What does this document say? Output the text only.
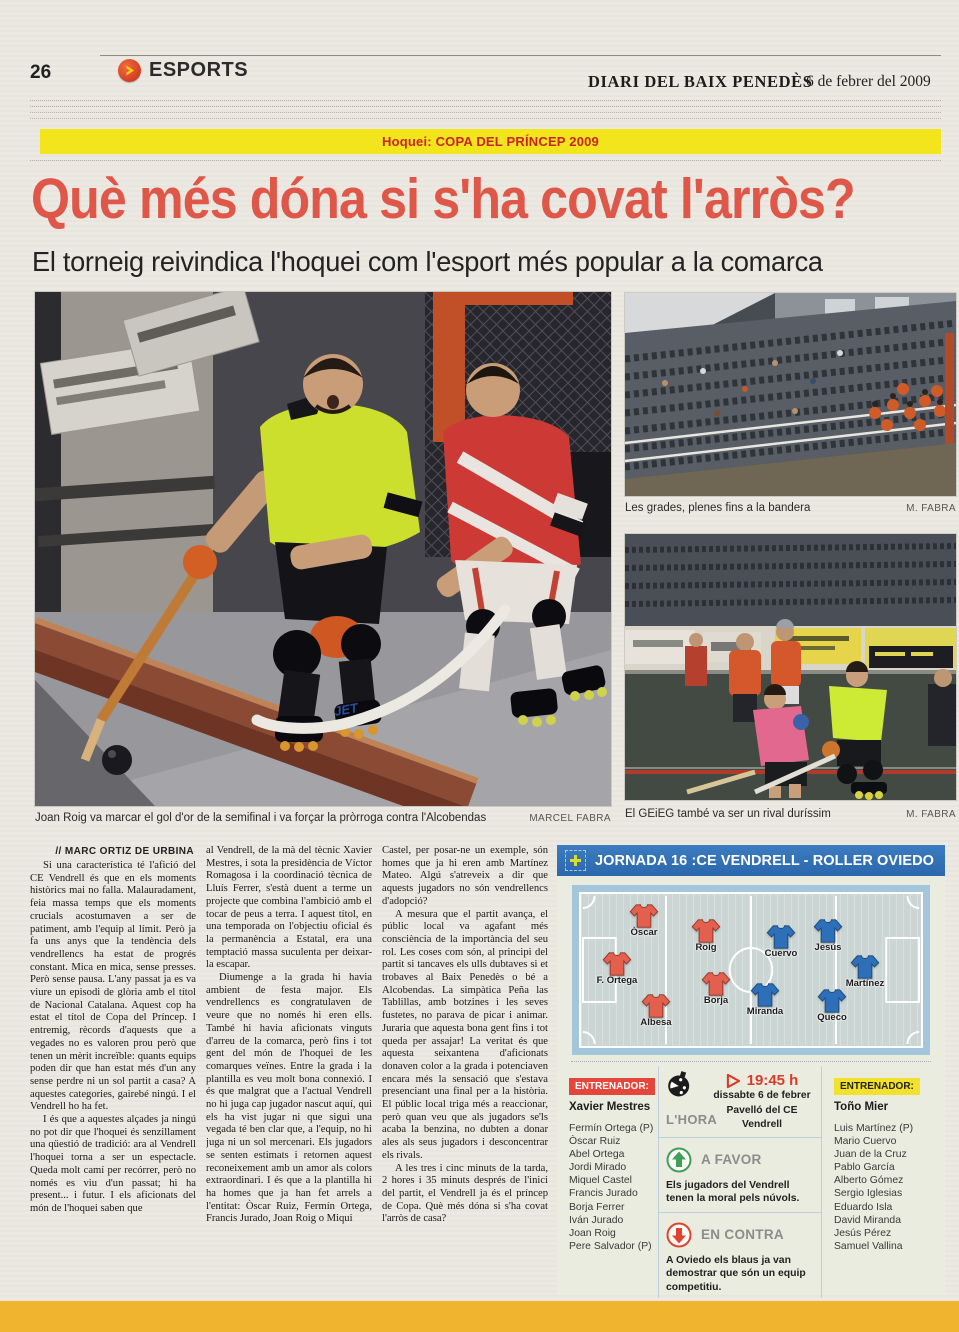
26	ESPORTS
DIARI DEL BAIX PENEDÈS
6 de febrer del 2009
Hoquei: COPA DEL PRÍNCEP 2009
Què més dóna si s'ha covat l'arròs?
El torneig reivindica l'hoquei com l'esport més popular a la comarca
JET
Joan Roig va marcar el gol d'or de la semifinal i va forçar la pròrroga contra l'Alcobendas	MARCEL FABRA
Les grades, plenes fins a la bandera	M. FABRA
El GEiEG també va ser un rival duríssim	M. FABRA
// MARC ORTIZ DE URBINA

Si una característica té l'afició del CE Vendrell és que en els moments històrics mai no falla. Malauradament, feia massa temps que els moments crucials acostumaven a ser de patiment, amb l'equip al límit. Però ja fa uns anys que la tendència dels vendrellencs ha estat de progrés constant. Mica en mica, sense presses. Però sense pausa. L'any passat ja es va viure un episodi de glòria amb el títol de Nacional Catalana. Aquest cop ha estat el títol de Copa del Príncep. I entremig, rècords d'aquests que a vegades no es valoren prou però que tenen un mèrit increïble: quants equips poden dir que han estat més d'un any sense perdre ni un sol partit a casa? A aquestes categories, gairebé ningú. I el Vendrell ho ha fet.

I és que a aquestes alçades ja ningú no pot dir que l'hoquei és senzillament una qüestió de tradició: ara al Vendrell l'hoquei torna a ser un espectacle. Queda molt camí per recórrer, però no només es viu d'un passat; hi ha present... i futur. I els aficionats del món de l'hoquei saben que

al Vendrell, de la mà del tècnic Xavier Mestres, i sota la presidència de Víctor Romagosa i la coordinació tècnica de Lluís Ferrer, s'està duent a terme un projecte que combina l'ambició amb el tocar de peus a terra. I aquest títol, en una temporada on l'objectiu oficial és la permanència a Estatal, era una temptació massa suculenta per deixar-la escapar.

Diumenge a la grada hi havia ambient de festa major. Els vendrellencs es congratulaven de veure que no només hi eren ells. També hi havia aficionats vinguts d'arreu de la comarca, però fins i tot gent del món de l'hoquei de les comarques veïnes. Entre la grada i la plantilla es veu molt bona connexió. I és que malgrat que a l'actual Vendrell no hi juga cap jugador nascut aquí, qui els ha vist jugar ni que sigui una vegada té ben clar que, a l'equip, no hi juga ni un sol mercenari. Els jugadors se senten estimats i retornen aquest reconeixement amb un amor als colors extraordinari. I és que a la plantilla hi ha homes que ja han fet arrels a l'entitat: Òscar Ruiz, Fermín Ortega, Francis Jurado, Joan Roig o Miqui

Castel, per posar-ne un exemple, són homes que ja hi eren amb Martínez Mateo. Algú s'atreveix a dir que aquests jugadors no són vendrellencs d'adopció?

A mesura que el partit avança, el públic local va agafant més consciència de la importància del seu rol. Les coses com són, al principi del partit si tancaves els ulls dubtaves si et trobaves al Baix Penedès o bé a Alcobendas. La simpàtica Peña las Tablillas, amb botzines i les seves fustetes, no parava de picar i animar. Juraria que aquesta bona gent fins i tot queda per assajar! La veritat és que aquesta seixantena d'aficionats donaven color a la grada i potenciaven encara més la sensació que s'estava presenciant una final per a la història. El públic local triga més a reaccionar, però quan veu que als jugadors se'ls acaba la benzina, no dubten a donar ales als seus jugadors i desconcentrar els rivals.

A les tres i cinc minuts de la tarda, 2 hores i 35 minuts després de l'inici del partit, el Vendrell ja és el príncep de Copa. Què més dóna si s'ha covat l'arròs de casa?

JORNADA 16 :CE VENDRELL - ROLLER OVIEDO
Òscar
Roig
F. Ortega
Borja
Albesa
Cuervo
Jesús
Martínez
Miranda
Queco
ENTRENADOR:
Xavier Mestres
Fermín Ortega (P)
Òscar Ruiz
Abel Ortega
Jordi Mirado
Miquel Castel
Francis Jurado
Borja Ferrer
Iván Jurado
Joan Roig
Pere Salvador (P)
L'HORA
19:45 h
dissabte 6 de febrer
Pavelló del CE Vendrell
A FAVOR
Els jugadors del Vendrell tenen la moral pels núvols.
EN CONTRA
A Oviedo els blaus ja van demostrar que són un equip competitiu.
ENTRENADOR:
Toño Mier
Luis Martínez (P)
Mario Cuervo
Juan de la Cruz
Pablo García
Alberto Gómez
Sergio Iglesias
Eduardo Isla
David Miranda
Jesús Pérez
Samuel Vallina
